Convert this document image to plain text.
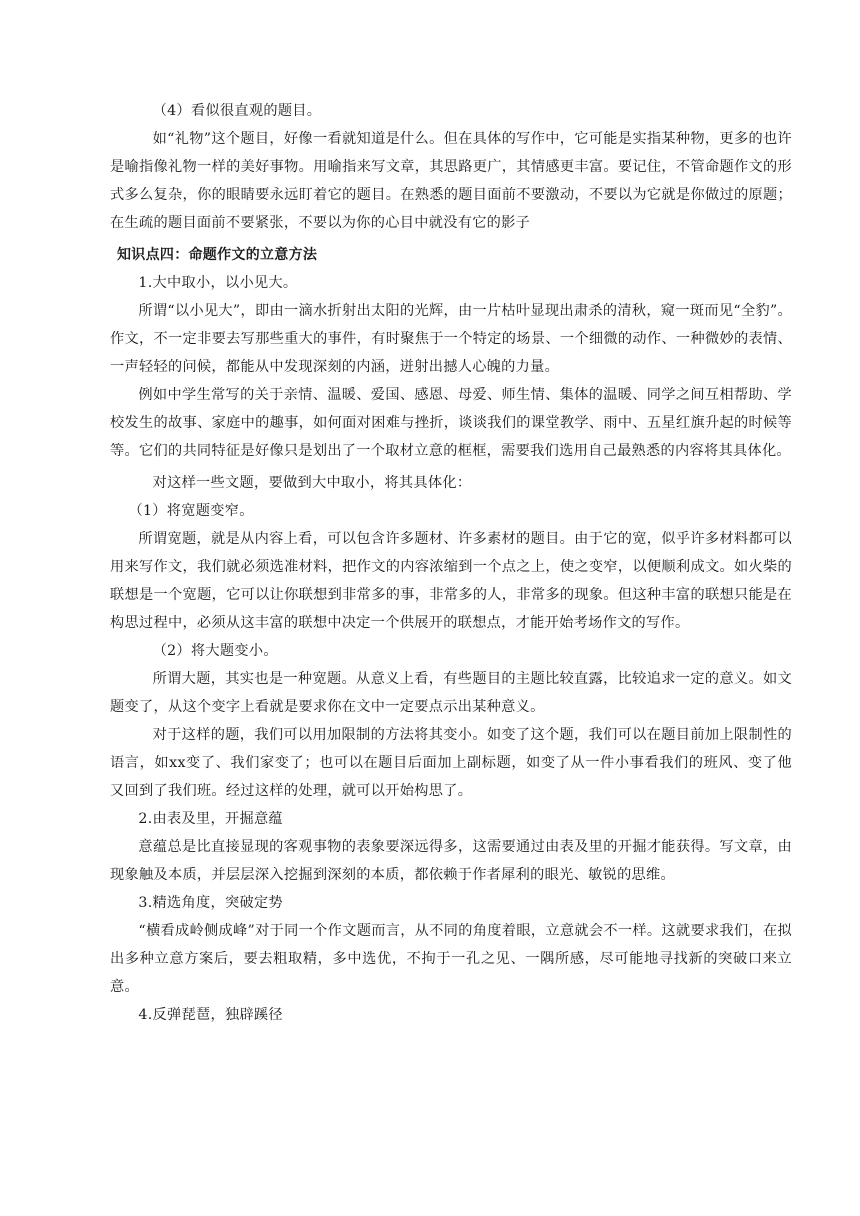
（4）看似很直观的题目。

如“礼物”这个题目，好像一看就知道是什么。但在具体的写作中，它可能是实指某种物，更多的也许是喻指像礼物一样的美好事物。用喻指来写文章，其思路更广，其情感更丰富。要记住，不管命题作文的形式多么复杂，你的眼睛要永远盯着它的题目。在熟悉的题目面前不要激动，不要以为它就是你做过的原题；在生疏的题目面前不要紧张，不要以为你的心目中就没有它的影子

知识点四：命题作文的立意方法

1.大中取小，以小见大。

所谓“以小见大”，即由一滴水折射出太阳的光辉，由一片枯叶显现出肃杀的清秋，窥一斑而见“全豹”。作文，不一定非要去写那些重大的事件，有时聚焦于一个特定的场景、一个细微的动作、一种微妙的表情、一声轻轻的问候，都能从中发现深刻的内涵，迸射出撼人心魄的力量。

例如中学生常写的关于亲情、温暖、爱国、感恩、母爱、师生情、集体的温暖、同学之间互相帮助、学校发生的故事、家庭中的趣事，如何面对困难与挫折，谈谈我们的课堂教学、雨中、五星红旗升起的时候等等。它们的共同特征是好像只是划出了一个取材立意的框框，需要我们选用自己最熟悉的内容将其具体化。

对这样一些文题，要做到大中取小，将其具体化：

（1）将宽题变窄。

所谓宽题，就是从内容上看，可以包含许多题材、许多素材的题目。由于它的宽，似乎许多材料都可以用来写作文，我们就必须选准材料，把作文的内容浓缩到一个点之上，使之变窄，以便顺利成文。如火柴的联想是一个宽题，它可以让你联想到非常多的事，非常多的人，非常多的现象。但这种丰富的联想只能是在构思过程中，必须从这丰富的联想中决定一个供展开的联想点，才能开始考场作文的写作。

（2）将大题变小。

所谓大题，其实也是一种宽题。从意义上看，有些题目的主题比较直露，比较追求一定的意义。如文题变了，从这个变字上看就是要求你在文中一定要点示出某种意义。

对于这样的题，我们可以用加限制的方法将其变小。如变了这个题，我们可以在题目前加上限制性的语言，如xx变了、我们家变了；也可以在题目后面加上副标题，如变了从一件小事看我们的班风、变了他又回到了我们班。经过这样的处理，就可以开始构思了。

2.由表及里，开掘意蕴

意蕴总是比直接显现的客观事物的表象要深远得多，这需要通过由表及里的开掘才能获得。写文章，由现象触及本质，并层层深入挖掘到深刻的本质，都依赖于作者犀利的眼光、敏锐的思维。

3.精选角度，突破定势

“横看成岭侧成峰”对于同一个作文题而言，从不同的角度着眼，立意就会不一样。这就要求我们，在拟出多种立意方案后，要去粗取精，多中选优，不拘于一孔之见、一隅所感，尽可能地寻找新的突破口来立意。

4.反弹琵琶，独辟蹊径
